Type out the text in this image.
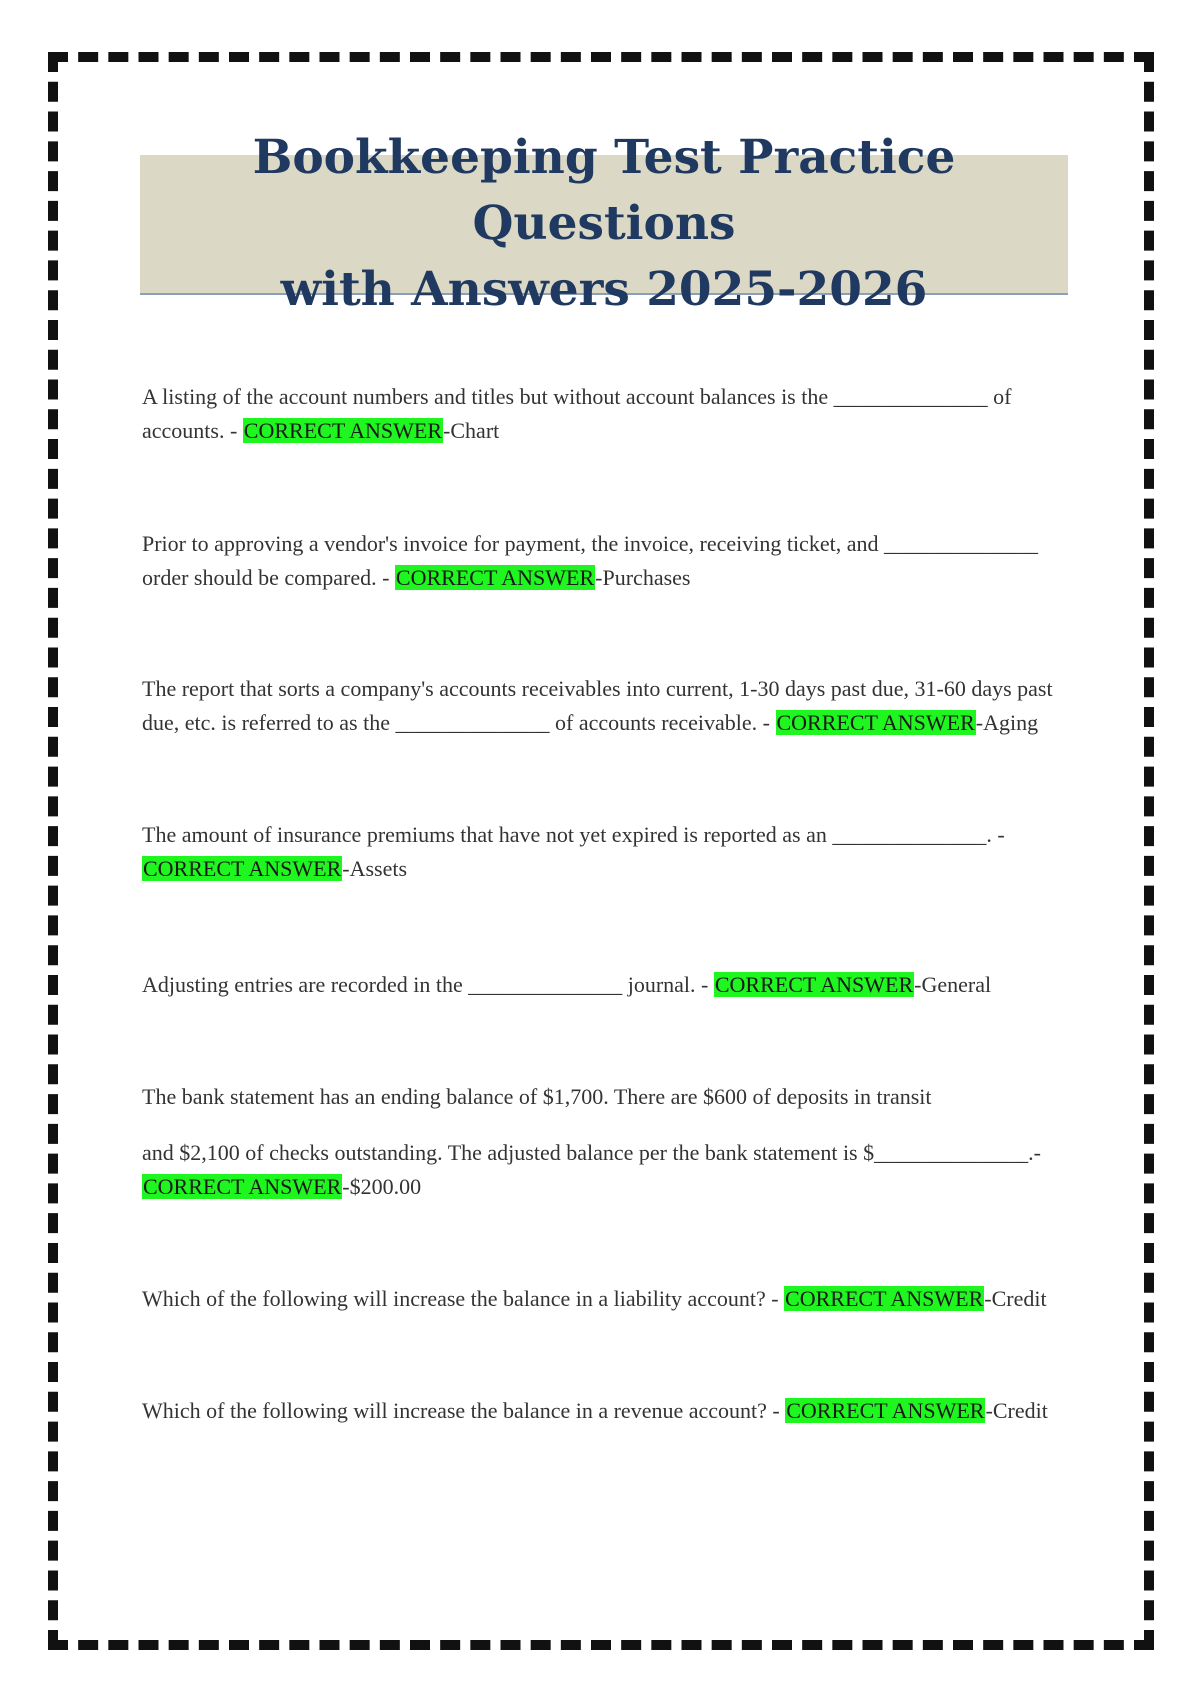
Bookkeeping Test Practice Questions
with Answers 2025-2026

A listing of the account numbers and titles but without account balances is the ______________ of accounts. - CORRECT ANSWER-Chart

Prior to approving a vendor's invoice for payment, the invoice, receiving ticket, and ______________ order should be compared. - CORRECT ANSWER-Purchases

The report that sorts a company's accounts receivables into current, 1-30 days past due, 31-60 days past due, etc. is referred to as the ______________ of accounts receivable. - CORRECT ANSWER-Aging

The amount of insurance premiums that have not yet expired is reported as an ______________. -
CORRECT ANSWER-Assets

Adjusting entries are recorded in the ______________ journal. - CORRECT ANSWER-General

The bank statement has an ending balance of $1,700. There are $600 of deposits in transit
and $2,100 of checks outstanding. The adjusted balance per the bank statement is $______________.-
CORRECT ANSWER-$200.00

Which of the following will increase the balance in a liability account? - CORRECT ANSWER-Credit

Which of the following will increase the balance in a revenue account? - CORRECT ANSWER-Credit
